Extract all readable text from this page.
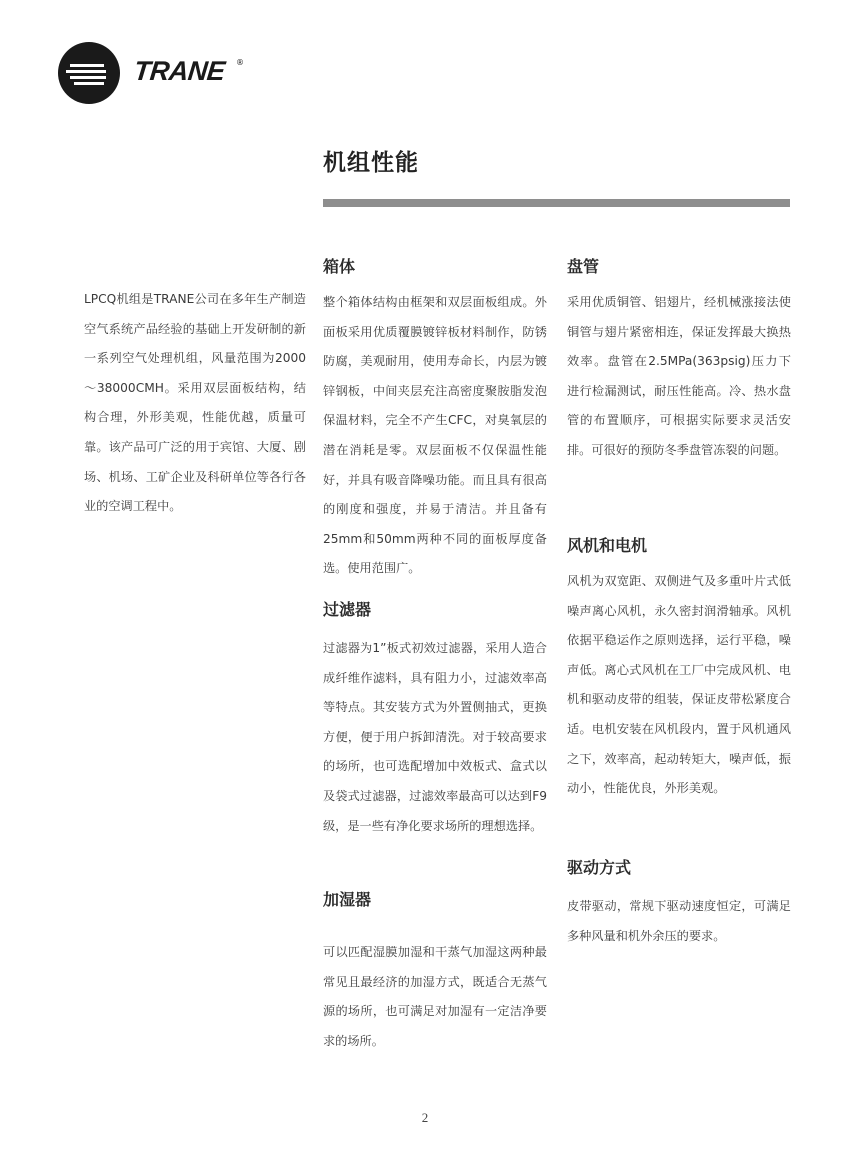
TRANE ®
机组性能

LPCQ机组是TRANE公司在多年生产制造空气系统产品经验的基础上开发研制的新一系列空气处理机组，风量范围为2000～38000CMH。采用双层面板结构，结构合理，外形美观，性能优越，质量可靠。该产品可广泛的用于宾馆、大厦、剧场、机场、工矿企业及科研单位等各行各业的空调工程中。

箱体

整个箱体结构由框架和双层面板组成。外面板采用优质覆膜镀锌板材料制作，防锈防腐，美观耐用，使用寿命长，内层为镀锌钢板，中间夹层充注高密度聚胺脂发泡保温材料，完全不产生CFC，对臭氧层的潜在消耗是零。双层面板不仅保温性能好，并具有吸音降噪功能。而且具有很高的刚度和强度，并易于清洁。并且备有25mm和50mm两种不同的面板厚度备选。使用范围广。

过滤器

过滤器为1”板式初效过滤器，采用人造合成纤维作滤料，具有阻力小，过滤效率高等特点。其安装方式为外置侧抽式，更换方便，便于用户拆卸清洗。对于较高要求的场所，也可选配增加中效板式、盒式以及袋式过滤器，过滤效率最高可以达到F9级，是一些有净化要求场所的理想选择。

加湿器

可以匹配湿膜加湿和干蒸气加湿这两种最常见且最经济的加湿方式，既适合无蒸气源的场所，也可满足对加湿有一定洁净要求的场所。

盘管

采用优质铜管、铝翅片，经机械涨接法使铜管与翅片紧密相连，保证发挥最大换热效率。盘管在2.5MPa(363psig)压力下进行检漏测试，耐压性能高。冷、热水盘管的布置顺序，可根据实际要求灵活安排。可很好的预防冬季盘管冻裂的问题。

风机和电机

风机为双宽距、双侧进气及多重叶片式低噪声离心风机，永久密封润滑轴承。风机依据平稳运作之原则选择，运行平稳，噪声低。离心式风机在工厂中完成风机、电机和驱动皮带的组装，保证皮带松紧度合适。电机安装在风机段内，置于风机通风之下，效率高，起动转矩大，噪声低，振动小，性能优良，外形美观。

驱动方式

皮带驱动，常规下驱动速度恒定，可满足多种风量和机外余压的要求。

2
